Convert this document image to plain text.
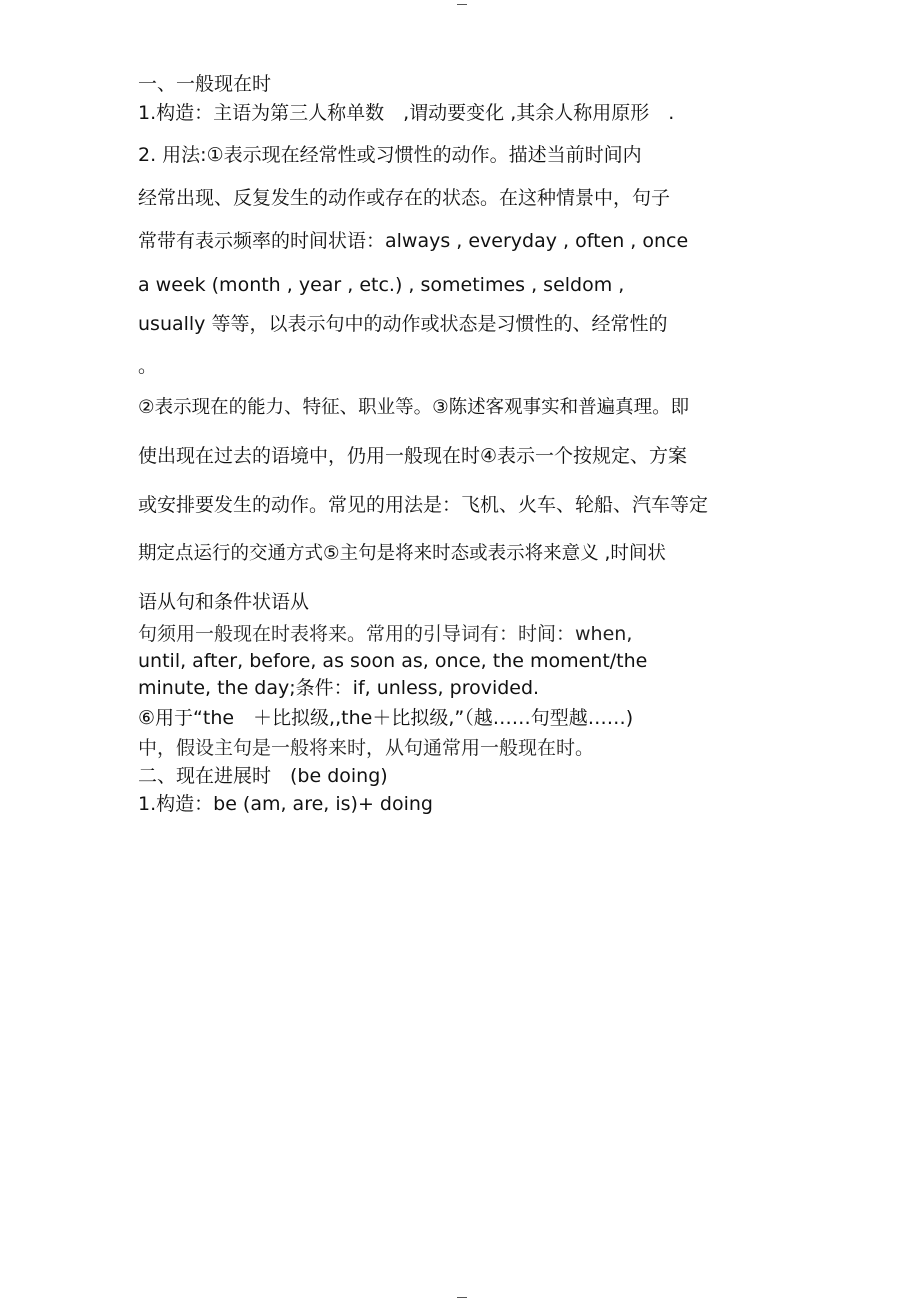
一、一般现在时
1.构造：主语为第三人称单数　,谓动要变化 ,其余人称用原形　.
2. 用法:①表示现在经常性或习惯性的动作。描述当前时间内
经常出现、反复发生的动作或存在的状态。在这种情景中，句子
常带有表示频率的时间状语：always , everyday , often , once
a week (month , year , etc.) , sometimes , seldom ,
usually 等等，以表示句中的动作或状态是习惯性的、经常性的
。
②表示现在的能力、特征、职业等。③陈述客观事实和普遍真理。即
使出现在过去的语境中，仍用一般现在时④表示一个按规定、方案
或安排要发生的动作。常见的用法是：飞机、火车、轮船、汽车等定
期定点运行的交通方式⑤主句是将来时态或表示将来意义 ,时间状
语从句和条件状语从
句须用一般现在时表将来。常用的引导词有：时间：when,
until, after, before, as soon as, once, the moment/the
minute, the day;条件：if, unless, provided.
⑥用于“the　＋比拟级,,the＋比拟级,”（越……句型越……)
中，假设主句是一般将来时，从句通常用一般现在时。
二、现在进展时　(be doing)
1.构造：be (am, are, is)+ doing
